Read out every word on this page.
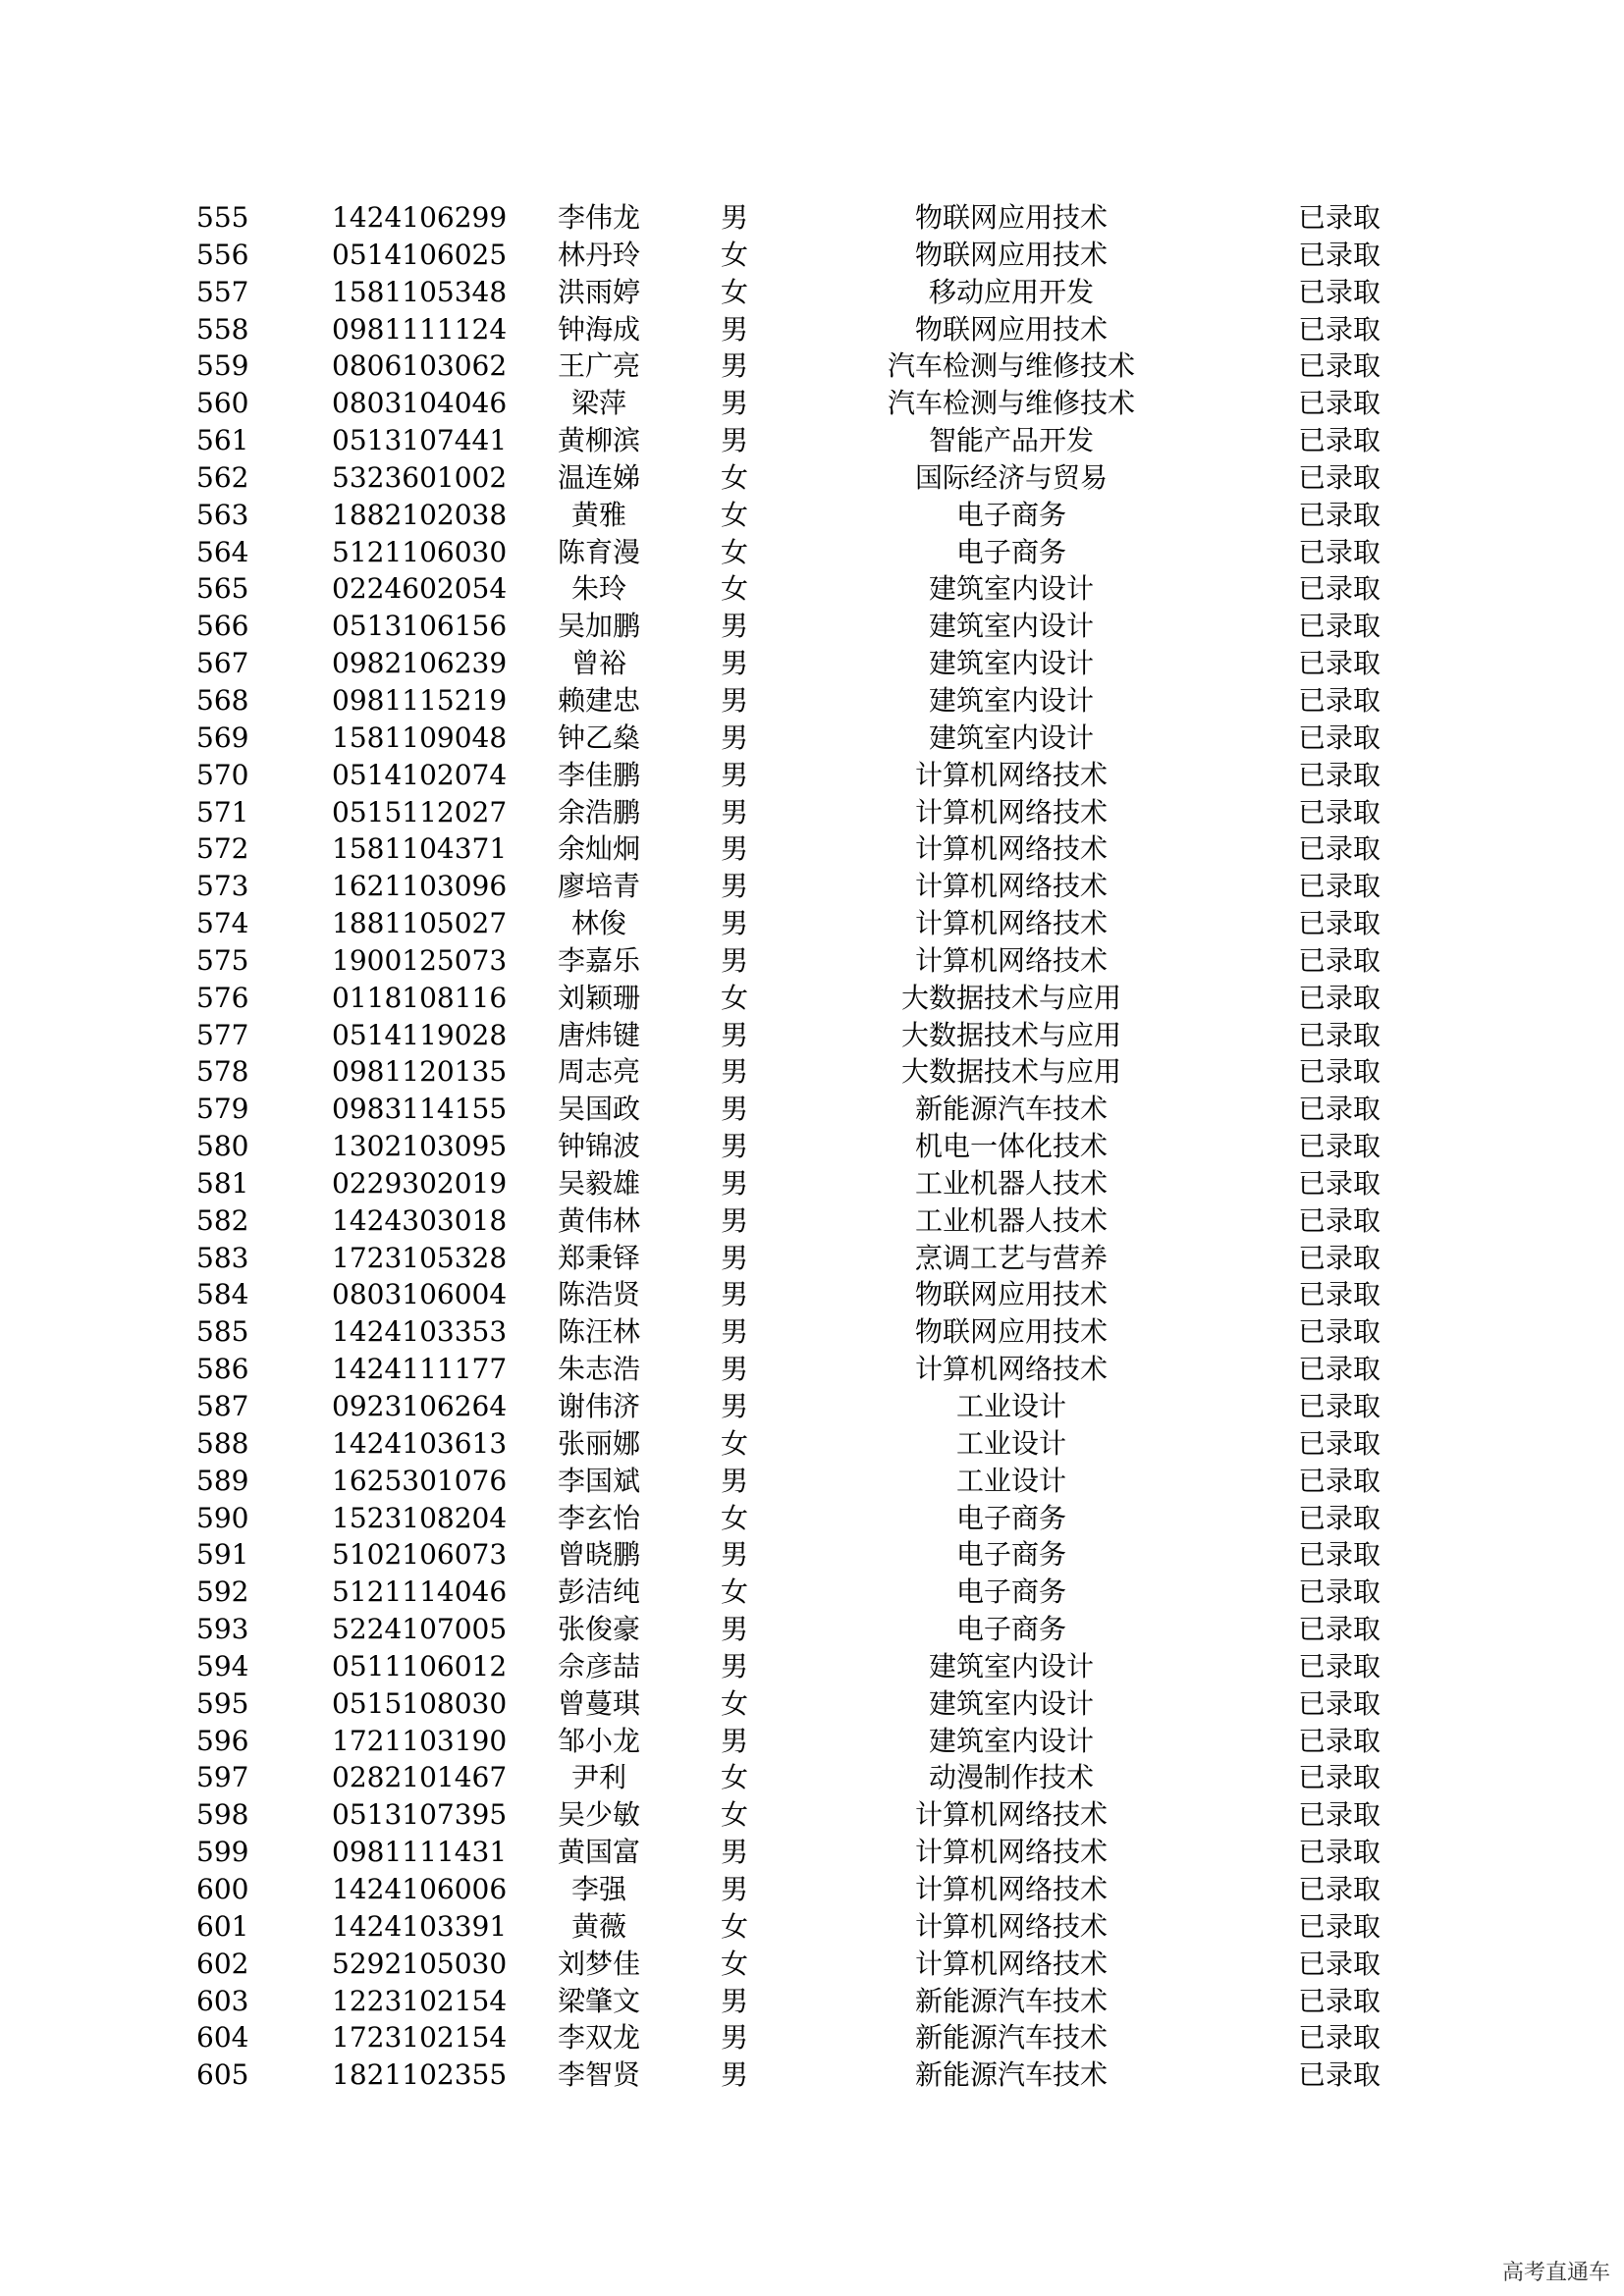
555	1424106299	李伟龙	男	物联网应用技术	已录取
556	0514106025	林丹玲	女	物联网应用技术	已录取
557	1581105348	洪雨婷	女	移动应用开发	已录取
558	0981111124	钟海成	男	物联网应用技术	已录取
559	0806103062	王广亮	男	汽车检测与维修技术	已录取
560	0803104046	梁萍	男	汽车检测与维修技术	已录取
561	0513107441	黄柳滨	男	智能产品开发	已录取
562	5323601002	温连娣	女	国际经济与贸易	已录取
563	1882102038	黄雅	女	电子商务	已录取
564	5121106030	陈育漫	女	电子商务	已录取
565	0224602054	朱玲	女	建筑室内设计	已录取
566	0513106156	吴加鹏	男	建筑室内设计	已录取
567	0982106239	曾裕	男	建筑室内设计	已录取
568	0981115219	赖建忠	男	建筑室内设计	已录取
569	1581109048	钟乙燊	男	建筑室内设计	已录取
570	0514102074	李佳鹏	男	计算机网络技术	已录取
571	0515112027	余浩鹏	男	计算机网络技术	已录取
572	1581104371	余灿炯	男	计算机网络技术	已录取
573	1621103096	廖培青	男	计算机网络技术	已录取
574	1881105027	林俊	男	计算机网络技术	已录取
575	1900125073	李嘉乐	男	计算机网络技术	已录取
576	0118108116	刘颖珊	女	大数据技术与应用	已录取
577	0514119028	唐炜键	男	大数据技术与应用	已录取
578	0981120135	周志亮	男	大数据技术与应用	已录取
579	0983114155	吴国政	男	新能源汽车技术	已录取
580	1302103095	钟锦波	男	机电一体化技术	已录取
581	0229302019	吴毅雄	男	工业机器人技术	已录取
582	1424303018	黄伟林	男	工业机器人技术	已录取
583	1723105328	郑秉铎	男	烹调工艺与营养	已录取
584	0803106004	陈浩贤	男	物联网应用技术	已录取
585	1424103353	陈汪林	男	物联网应用技术	已录取
586	1424111177	朱志浩	男	计算机网络技术	已录取
587	0923106264	谢伟济	男	工业设计	已录取
588	1424103613	张丽娜	女	工业设计	已录取
589	1625301076	李国斌	男	工业设计	已录取
590	1523108204	李玄怡	女	电子商务	已录取
591	5102106073	曾晓鹏	男	电子商务	已录取
592	5121114046	彭洁纯	女	电子商务	已录取
593	5224107005	张俊豪	男	电子商务	已录取
594	0511106012	佘彦喆	男	建筑室内设计	已录取
595	0515108030	曾蔓琪	女	建筑室内设计	已录取
596	1721103190	邹小龙	男	建筑室内设计	已录取
597	0282101467	尹利	女	动漫制作技术	已录取
598	0513107395	吴少敏	女	计算机网络技术	已录取
599	0981111431	黄国富	男	计算机网络技术	已录取
600	1424106006	李强	男	计算机网络技术	已录取
601	1424103391	黄薇	女	计算机网络技术	已录取
602	5292105030	刘梦佳	女	计算机网络技术	已录取
603	1223102154	梁肇文	男	新能源汽车技术	已录取
604	1723102154	李双龙	男	新能源汽车技术	已录取
605	1821102355	李智贤	男	新能源汽车技术	已录取
高考直通车
